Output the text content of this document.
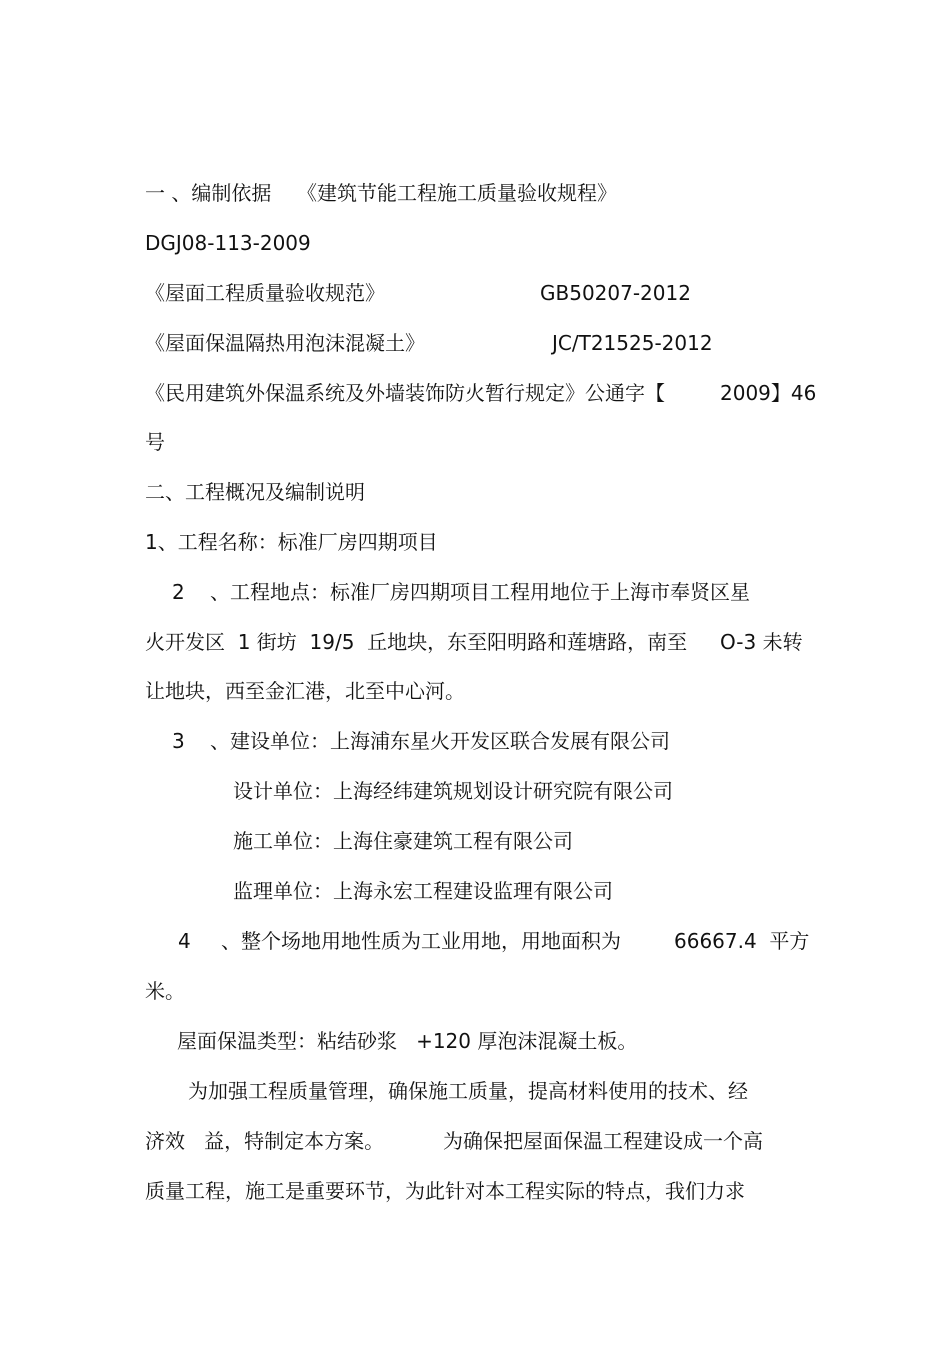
一 、编制依据 《建筑节能工程施工质量验收规程》
DGJ08-113-2009
《屋面工程质量验收规范》	GB50207-2012
《屋面保温隔热用泡沫混凝土》	JC/T21525-2012
《民用建筑外保温系统及外墙装饰防火暂行规定》公通字【	2009】46
号
二、工程概况及编制说明
1、工程名称：标准厂房四期项目
2 、工程地点：标准厂房四期项目工程用地位于上海市奉贤区星
火开发区  1 街坊  19/5  丘地块，东至阳明路和莲塘路，南至 O-3 未转
让地块，西至金汇港，北至中心河。
3 、建设单位：上海浦东星火开发区联合发展有限公司
设计单位：上海经纬建筑规划设计研究院有限公司
施工单位：上海住豪建筑工程有限公司
监理单位：上海永宏工程建设监理有限公司
4 、整个场地用地性质为工业用地，用地面积为	66667.4  平方
米。
屋面保温类型：粘结砂浆   +120 厚泡沫混凝土板。
为加强工程质量管理，确保施工质量，提高材料使用的技术、经
济效   益，特制定本方案。	为确保把屋面保温工程建设成一个高
质量工程，施工是重要环节，为此针对本工程实际的特点，我们力求
